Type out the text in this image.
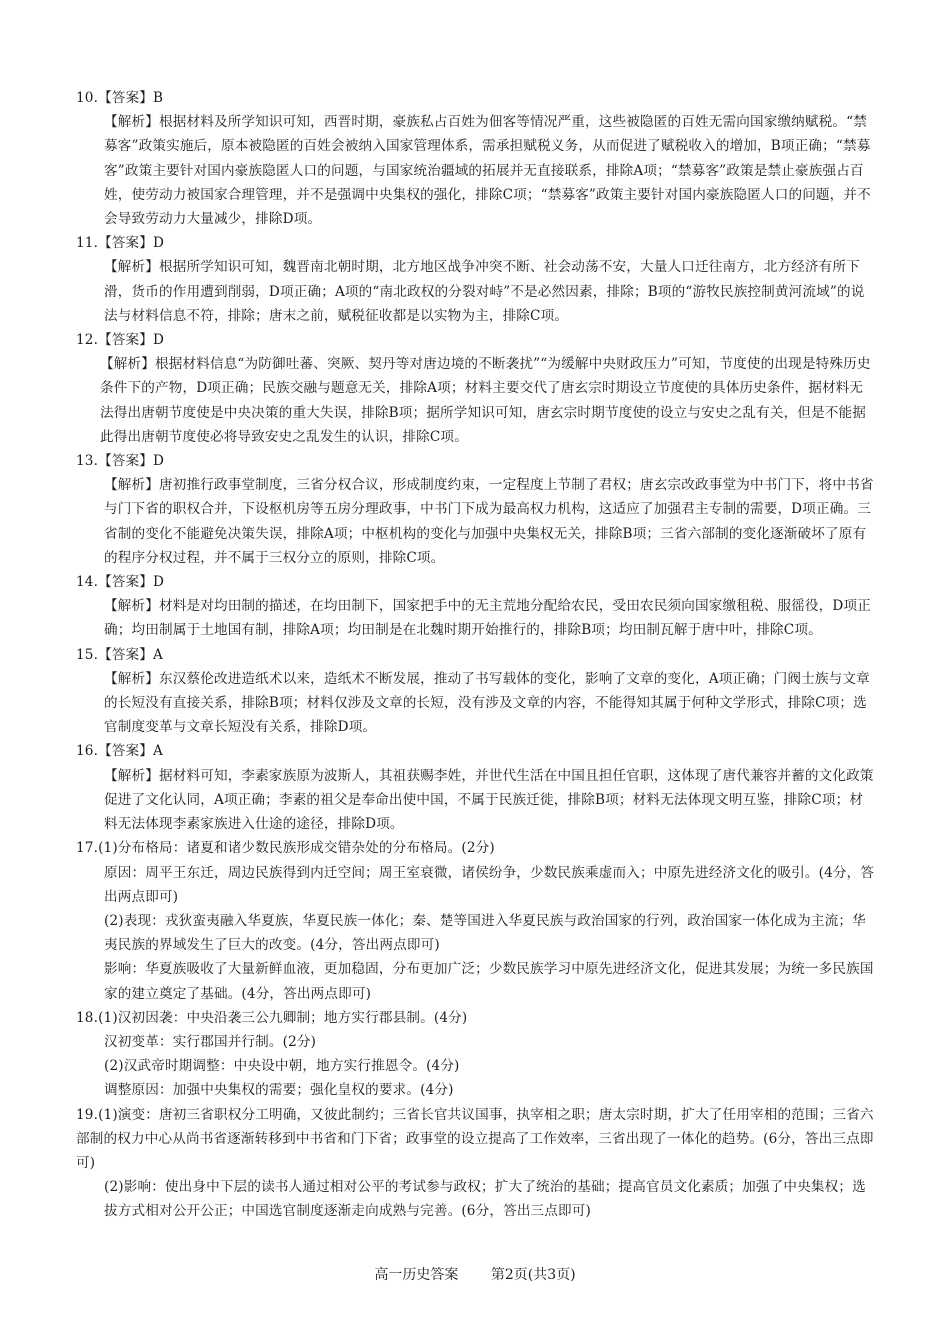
10.【答案】B

【解析】根据材料及所学知识可知，西晋时期，豪族私占百姓为佃客等情况严重，这些被隐匿的百姓无需向国家缴纳赋税。“禁募客”政策实施后，原本被隐匿的百姓会被纳入国家管理体系，需承担赋税义务，从而促进了赋税收入的增加，B项正确；“禁募客”政策主要针对国内豪族隐匿人口的问题，与国家统治疆域的拓展并无直接联系，排除A项；“禁募客”政策是禁止豪族强占百姓，使劳动力被国家合理管理，并不是强调中央集权的强化，排除C项；“禁募客”政策主要针对国内豪族隐匿人口的问题，并不会导致劳动力大量减少，排除D项。

11.【答案】D

【解析】根据所学知识可知，魏晋南北朝时期，北方地区战争冲突不断、社会动荡不安，大量人口迁往南方，北方经济有所下滑，货币的作用遭到削弱，D项正确；A项的“南北政权的分裂对峙”不是必然因素，排除；B项的“游牧民族控制黄河流域”的说法与材料信息不符，排除；唐末之前，赋税征收都是以实物为主，排除C项。

12.【答案】D

【解析】根据材料信息“为防御吐蕃、突厥、契丹等对唐边境的不断袭扰”“为缓解中央财政压力”可知，节度使的出现是特殊历史条件下的产物，D项正确；民族交融与题意无关，排除A项；材料主要交代了唐玄宗时期设立节度使的具体历史条件，据材料无法得出唐朝节度使是中央决策的重大失误，排除B项；据所学知识可知，唐玄宗时期节度使的设立与安史之乱有关，但是不能据此得出唐朝节度使必将导致安史之乱发生的认识，排除C项。

13.【答案】D

【解析】唐初推行政事堂制度，三省分权合议，形成制度约束，一定程度上节制了君权；唐玄宗改政事堂为中书门下，将中书省与门下省的职权合并，下设枢机房等五房分理政事，中书门下成为最高权力机构，这适应了加强君主专制的需要，D项正确。三省制的变化不能避免决策失误，排除A项；中枢机构的变化与加强中央集权无关，排除B项；三省六部制的变化逐渐破坏了原有的程序分权过程，并不属于三权分立的原则，排除C项。

14.【答案】D

【解析】材料是对均田制的描述，在均田制下，国家把手中的无主荒地分配给农民，受田农民须向国家缴租税、服徭役，D项正确；均田制属于土地国有制，排除A项；均田制是在北魏时期开始推行的，排除B项；均田制瓦解于唐中叶，排除C项。

15.【答案】A

【解析】东汉蔡伦改进造纸术以来，造纸术不断发展，推动了书写载体的变化，影响了文章的变化，A项正确；门阀士族与文章的长短没有直接关系，排除B项；材料仅涉及文章的长短，没有涉及文章的内容，不能得知其属于何种文学形式，排除C项；选官制度变革与文章长短没有关系，排除D项。

16.【答案】A

【解析】据材料可知，李素家族原为波斯人，其祖获赐李姓，并世代生活在中国且担任官职，这体现了唐代兼容并蓄的文化政策促进了文化认同，A项正确；李素的祖父是奉命出使中国，不属于民族迁徙，排除B项；材料无法体现文明互鉴，排除C项；材料无法体现李素家族进入仕途的途径，排除D项。

17.(1)分布格局：诸夏和诸少数民族形成交错杂处的分布格局。(2分)

原因：周平王东迁，周边民族得到内迁空间；周王室衰微，诸侯纷争，少数民族乘虚而入；中原先进经济文化的吸引。(4分，答出两点即可)

(2)表现：戎狄蛮夷融入华夏族，华夏民族一体化；秦、楚等国进入华夏民族与政治国家的行列，政治国家一体化成为主流；华夷民族的界域发生了巨大的改变。(4分，答出两点即可)

影响：华夏族吸收了大量新鲜血液，更加稳固，分布更加广泛；少数民族学习中原先进经济文化，促进其发展；为统一多民族国家的建立奠定了基础。(4分，答出两点即可)

18.(1)汉初因袭：中央沿袭三公九卿制；地方实行郡县制。(4分)

汉初变革：实行郡国并行制。(2分)

(2)汉武帝时期调整：中央设中朝，地方实行推恩令。(4分)

调整原因：加强中央集权的需要；强化皇权的要求。(4分)

19.(1)演变：唐初三省职权分工明确，又彼此制约；三省长官共议国事，执宰相之职；唐太宗时期，扩大了任用宰相的范围；三省六部制的权力中心从尚书省逐渐转移到中书省和门下省；政事堂的设立提高了工作效率，三省出现了一体化的趋势。(6分，答出三点即可)

(2)影响：使出身中下层的读书人通过相对公平的考试参与政权；扩大了统治的基础；提高官员文化素质；加强了中央集权；选拔方式相对公开公正；中国选官制度逐渐走向成熟与完善。(6分，答出三点即可)

高一历史答案 第2页(共3页)
